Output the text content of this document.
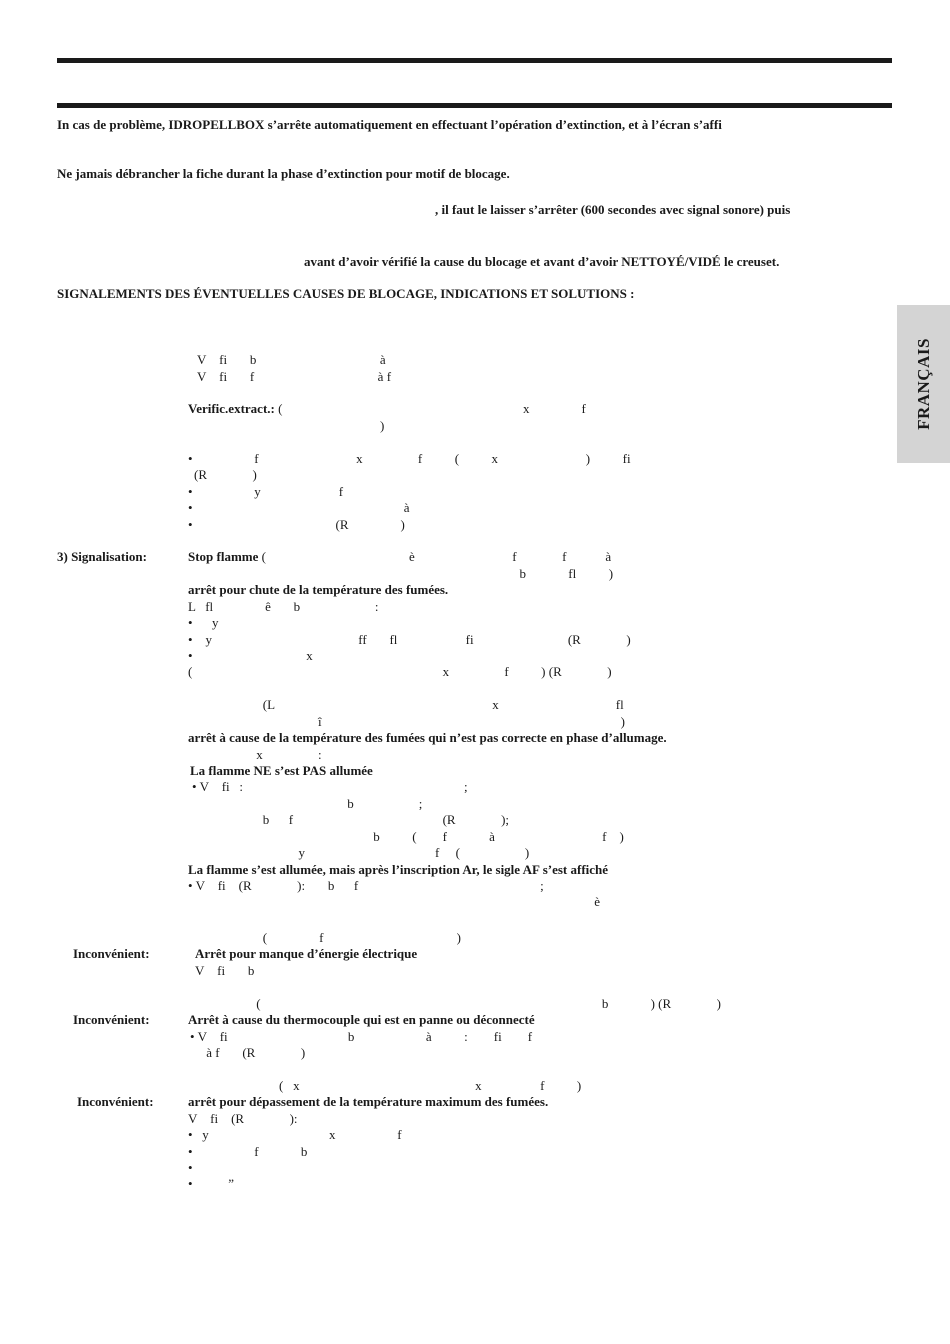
FRANÇAIS
In cas de problème, IDROPELLBOX s’arrête automatiquement en effectuant l’opération d’extinction, et à l’écran s’affi
Ne jamais débrancher la fiche durant la phase d’extinction pour motif de blocage.
, il faut le laisser s’arrêter (600 secondes avec signal sonore) puis
avant d’avoir vérifié la cause du blocage et avant d’avoir NETTOYÉ/VIDÉ le creuset.
SIGNALEMENTS DES ÉVENTUELLES CAUSES DE BLOCAGE, INDICATIONS ET SOLUTIONS :
V    fi       b                                      à
V    fi       f                                      à f
Verific.extract.: (                                                                          x                f
)
•                   f                              x                 f          (          x                           )          fi
(R              )
•                   y                        f
•                                                                 à
•                                            (R                )
3) Signalisation:	Stop flamme (                                            è                              f              f            à
b             fl          )
arrêt pour chute de la température des fumées.
L   fl                ê       b                       :
•      y
•    y                                             ff       fl                     fi                             (R              )
•                                   x
(                                                                             x                 f          ) (R              )
(L                                                                   x                                    fl
î                                                                                            )
arrêt à cause de la température des fumées qui n’est pas correcte en phase d’allumage.
x                 :
La flamme NE s’est PAS allumée
• V    fi   :                                                                    ;
b                    ;
b      f                                              (R              );
b          (        f             à                                 f    )
y                                        f     (                    )
La flamme s’est allumée, mais après l’inscription Ar, le sigle AF s’est affiché
• V    fi    (R              ):       b      f                                                        ;
è
(                f                                         )
Inconvénient:	Arrêt pour manque d’énergie électrique
V    fi       b
(                                                                                                         b             ) (R              )
Inconvénient:	Arrêt à cause du thermocouple qui est en panne ou déconnecté
• V    fi                                     b                      à          :        fi        f
à f       (R              )
(   x                                                      x                  f          )
Inconvénient:	arrêt pour dépassement de la température maximum des fumées.
V    fi    (R              ):
•   y                                     x                   f
•                   f             b
•
•           ”
